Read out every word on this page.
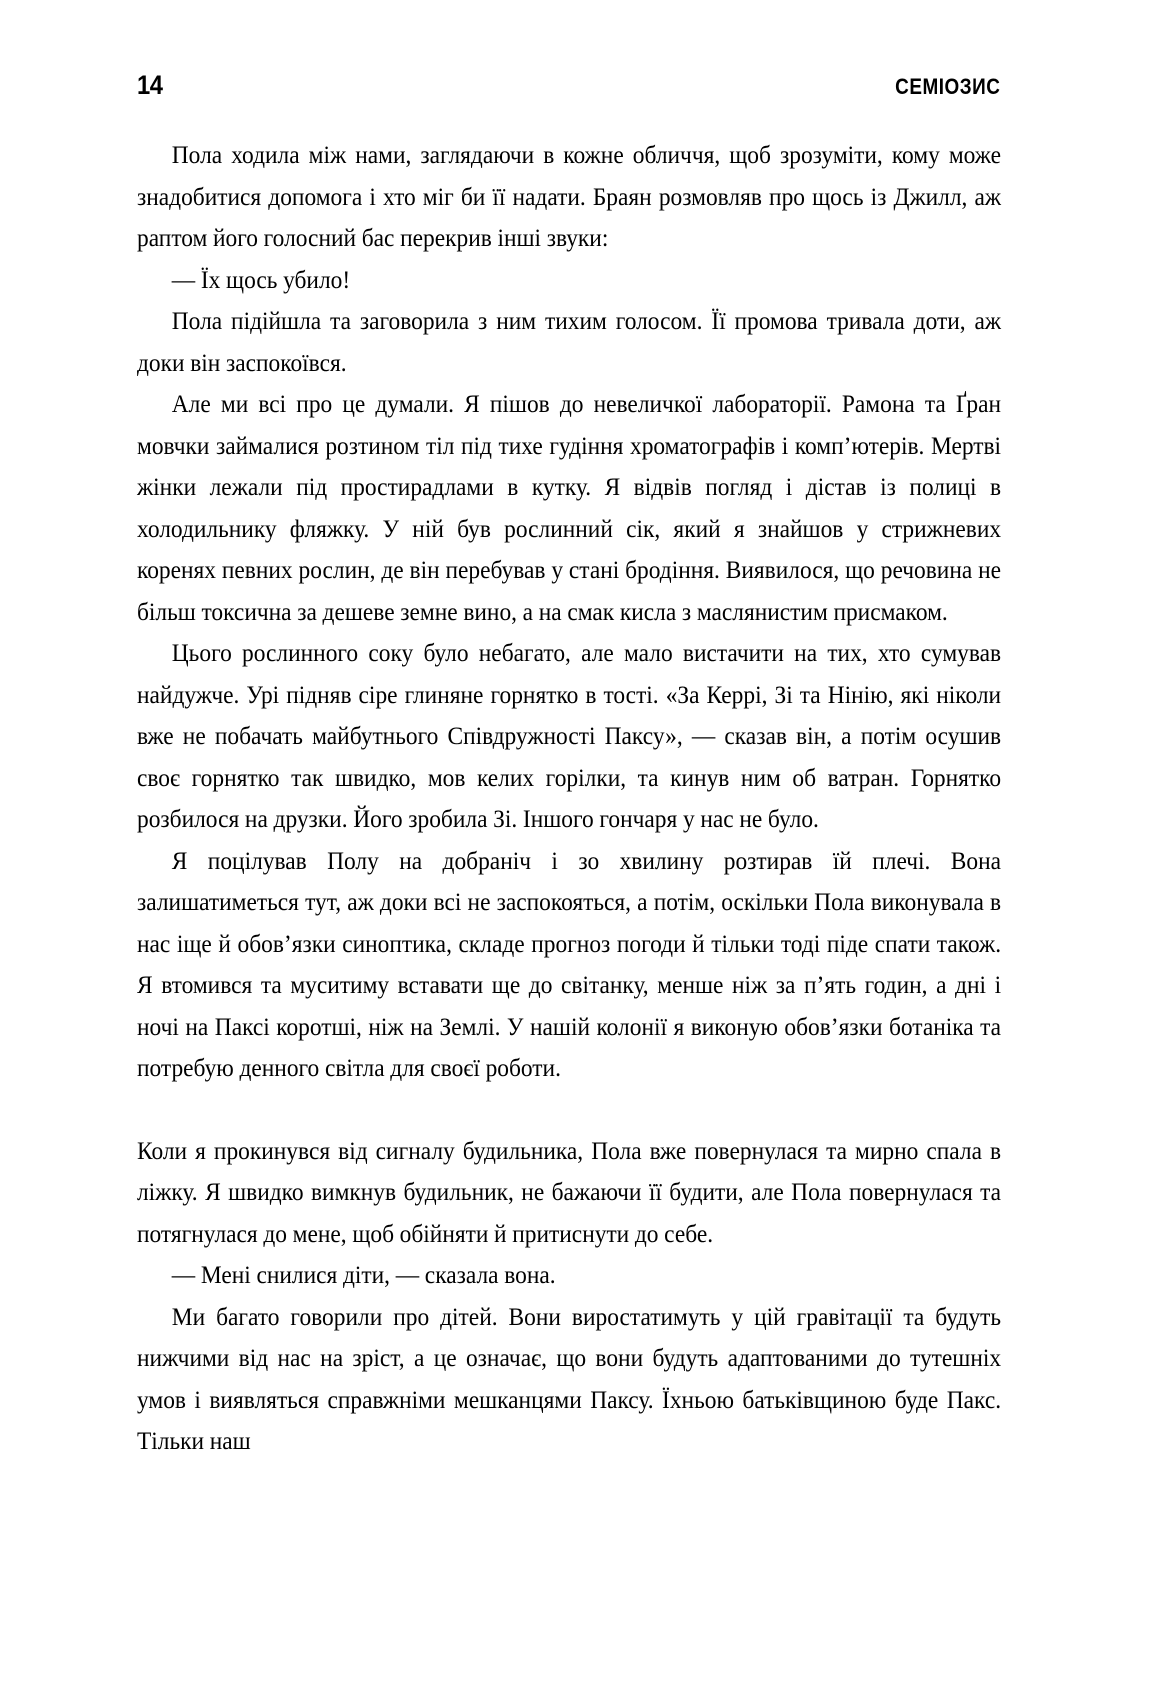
14	СЕМІОЗИС

Пола ходила між нами, заглядаючи в кожне обличчя, щоб зрозуміти, кому може знадобитися допомога і хто міг би її надати. Браян розмовляв про щось із Джилл, аж раптом його голосний бас перекрив інші звуки:

— Їх щось убило!

Пола підійшла та заговорила з ним тихим голосом. Її промова тривала доти, аж доки він заспокоївся.

Але ми всі про це думали. Я пішов до невеличкої лабораторії. Рамона та Ґран мовчки займалися розтином тіл під тихе гудіння хроматографів і комп’ютерів. Мертві жінки лежали під простирадлами в кутку. Я відвів погляд і дістав із полиці в холодильнику фляжку. У ній був рослинний сік, який я знайшов у стрижневих коренях певних рослин, де він перебував у стані бродіння. Виявилося, що речовина не більш токсична за дешеве земне вино, а на смак кисла з маслянистим присмаком.

Цього рослинного соку було небагато, але мало вистачити на тих, хто сумував найдужче. Урі підняв сіре глиняне горнятко в тості. «За Керрі, Зі та Нінію, які ніколи вже не побачать майбутнього Співдружності Паксу», — сказав він, а потім осушив своє горнятко так швидко, мов келих горілки, та кинув ним об ватран. Горнятко розбилося на друзки. Його зробила Зі. Іншого гончаря у нас не було.

Я поцілував Полу на добраніч і зо хвилину розтирав їй плечі. Вона залишатиметься тут, аж доки всі не заспокояться, а потім, оскільки Пола виконувала в нас іще й обов’язки синоптика, складе прогноз погоди й тільки тоді піде спати також. Я втомився та муситиму вставати ще до світанку, менше ніж за п’ять годин, а дні і ночі на Паксі коротші, ніж на Землі. У нашій колонії я виконую обов’язки ботаніка та потребую денного світла для своєї роботи.

Коли я прокинувся від сигналу будильника, Пола вже повернулася та мирно спала в ліжку. Я швидко вимкнув будильник, не бажаючи її будити, але Пола повернулася та потягнулася до мене, щоб обійняти й притиснути до себе.

— Мені снилися діти, — сказала вона.

Ми багато говорили про дітей. Вони виростатимуть у цій гравітації та будуть нижчими від нас на зріст, а це означає, що вони будуть адаптованими до тутешніх умов і виявляться справжніми мешканцями Паксу. Їхньою батьківщиною буде Пакс. Тільки наш
